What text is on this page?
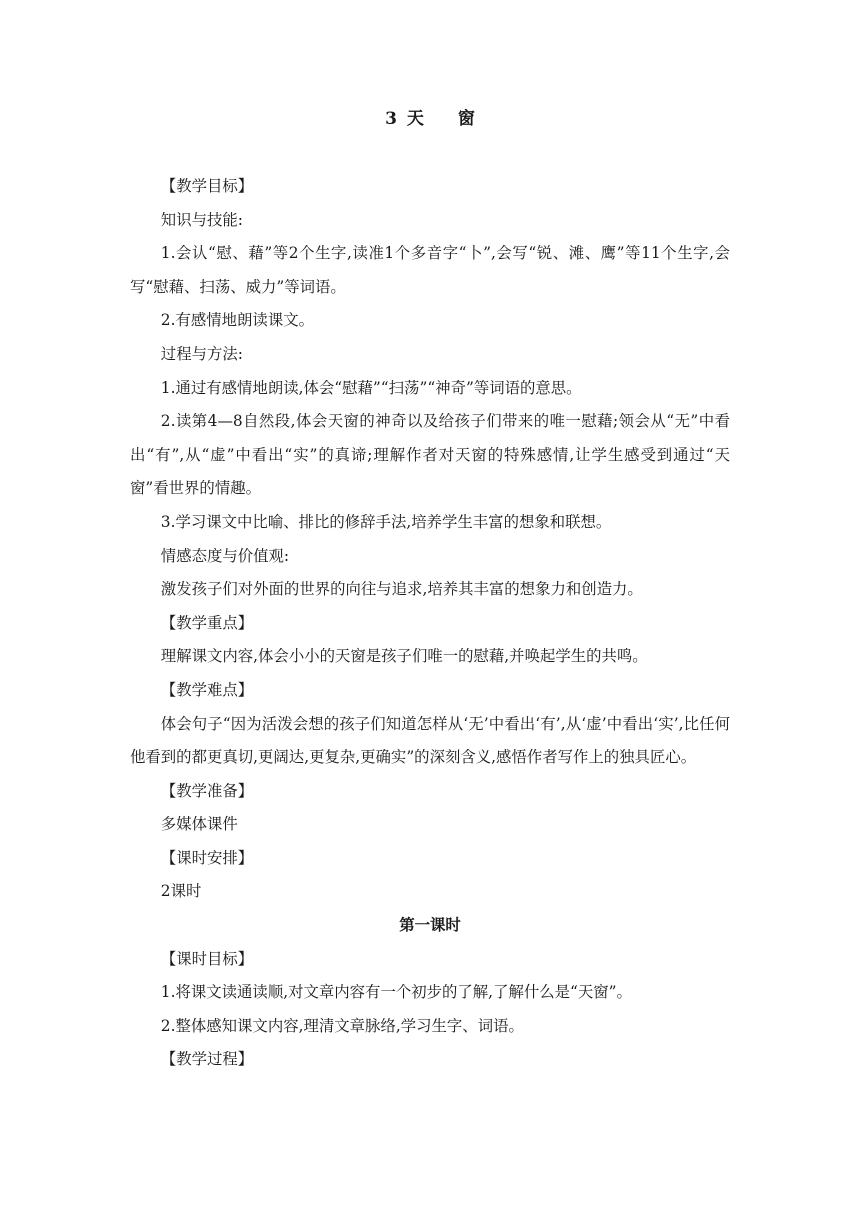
3 天 窗

【教学目标】

知识与技能:

1.会认“慰、藉”等2个生字,读准1个多音字“卜”,会写“锐、滩、鹰”等11个生字,会写“慰藉、扫荡、威力”等词语。

2.有感情地朗读课文。

过程与方法:

1.通过有感情地朗读,体会“慰藉”“扫荡”“神奇”等词语的意思。

2.读第4—8自然段,体会天窗的神奇以及给孩子们带来的唯一慰藉;领会从“无”中看出“有”,从“虚”中看出“实”的真谛;理解作者对天窗的特殊感情,让学生感受到通过“天窗”看世界的情趣。

3.学习课文中比喻、排比的修辞手法,培养学生丰富的想象和联想。

情感态度与价值观:

激发孩子们对外面的世界的向往与追求,培养其丰富的想象力和创造力。

【教学重点】

理解课文内容,体会小小的天窗是孩子们唯一的慰藉,并唤起学生的共鸣。

【教学难点】

体会句子“因为活泼会想的孩子们知道怎样从‘无’中看出‘有’,从‘虚’中看出‘实’,比任何他看到的都更真切,更阔达,更复杂,更确实”的深刻含义,感悟作者写作上的独具匠心。

【教学准备】

多媒体课件

【课时安排】

2课时

第一课时

【课时目标】

1.将课文读通读顺,对文章内容有一个初步的了解,了解什么是“天窗”。

2.整体感知课文内容,理清文章脉络,学习生字、词语。

【教学过程】
